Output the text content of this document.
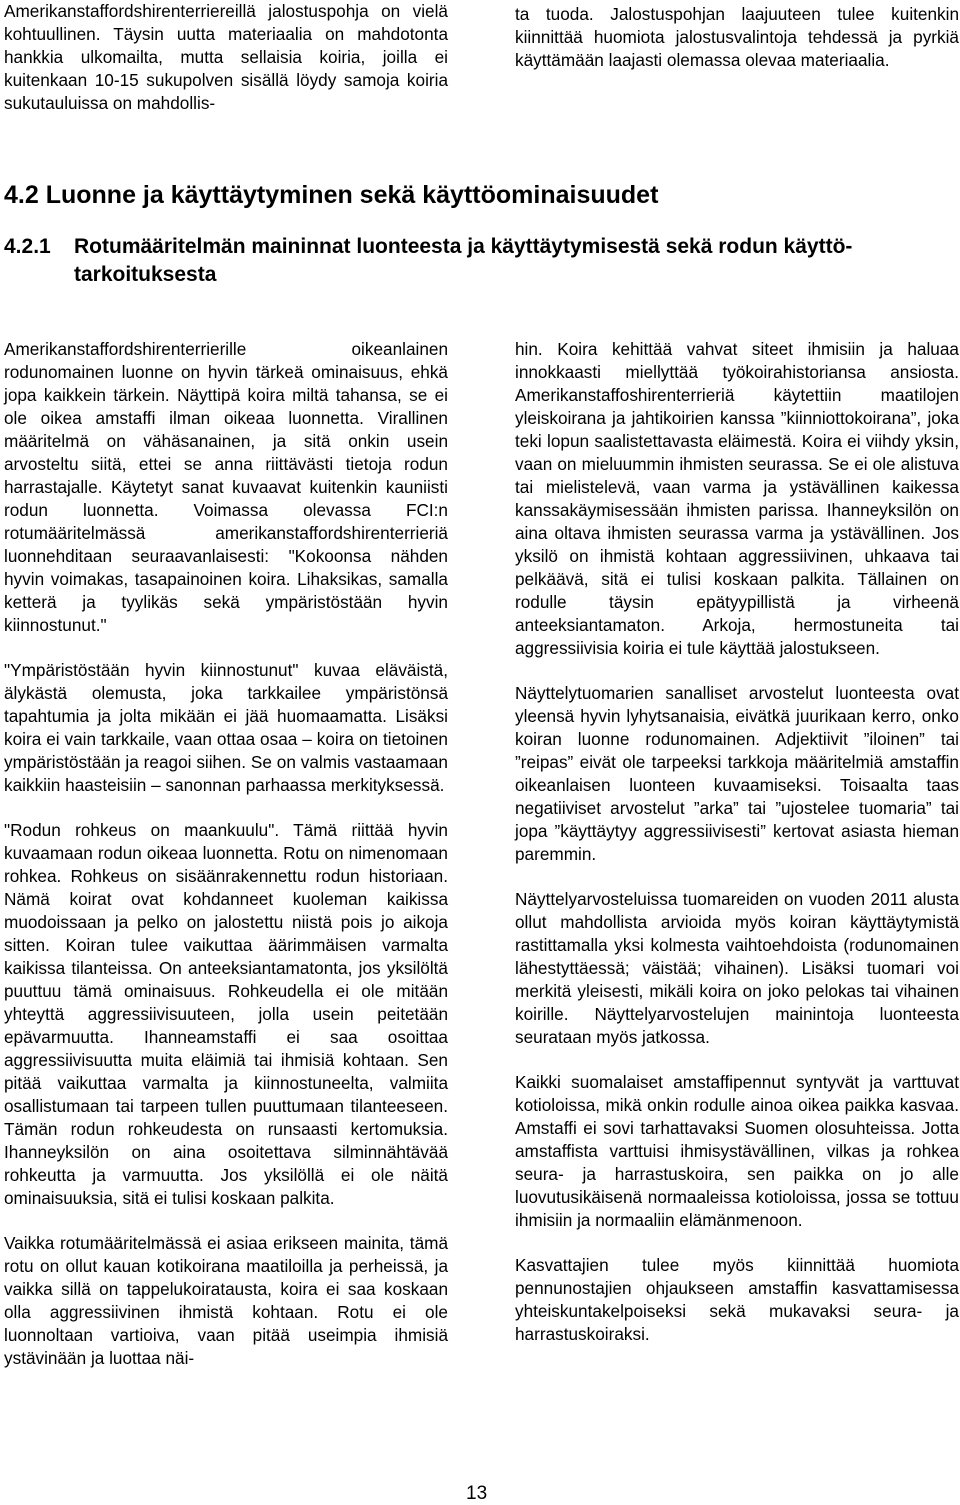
Amerikanstaffordshirenterriereillä jalostuspohja on vielä kohtuullinen. Täysin uutta materiaalia on mahdotonta hankkia ulkomailta, mutta sellaisia koiria, joilla ei kuitenkaan 10-15 sukupolven sisällä löydy samoja koiria sukutauluissa on mahdollis-

ta tuoda. Jalostuspohjan laajuuteen tulee kuitenkin kiinnittää huomiota jalostusvalintoja tehdessä ja pyrkiä käyttämään laajasti olemassa olevaa materiaalia.

4.2 Luonne ja käyttäytyminen sekä käyttöominaisuudet
4.2.1 Rotumääritelmän maininnat luonteesta ja käyttäytymisestä sekä rodun käyttö-
tarkoituksesta

Amerikanstaffordshirenterrierille oikeanlainen rodunomainen luonne on hyvin tärkeä ominaisuus, ehkä jopa kaikkein tärkein. Näyttipä koira miltä tahansa, se ei ole oikea amstaffi ilman oikeaa luonnetta. Virallinen määritelmä on vähäsanainen, ja sitä onkin usein arvosteltu siitä, ettei se anna riittävästi tietoja rodun harrastajalle. Käytetyt sanat kuvaavat kuitenkin kauniisti rodun luonnetta. Voimassa olevassa FCI:n rotumääritelmässä amerikanstaffordshirenterrieriä luonnehditaan seuraavanlaisesti: "Kokoonsa nähden hyvin voimakas, tasapainoinen koira. Lihaksikas, samalla ketterä ja tyylikäs sekä ympäristöstään hyvin kiinnostunut."

"Ympäristöstään hyvin kiinnostunut" kuvaa eläväistä, älykästä olemusta, joka tarkkailee ympäristönsä tapahtumia ja jolta mikään ei jää huomaamatta. Lisäksi koira ei vain tarkkaile, vaan ottaa osaa – koira on tietoinen ympäristöstään ja reagoi siihen. Se on valmis vastaamaan kaikkiin haasteisiin – sanonnan parhaassa merkityksessä.

"Rodun rohkeus on maankuulu". Tämä riittää hyvin kuvaamaan rodun oikeaa luonnetta. Rotu on nimenomaan rohkea. Rohkeus on sisäänrakennettu rodun historiaan. Nämä koirat ovat kohdanneet kuoleman kaikissa muodoissaan ja pelko on jalostettu niistä pois jo aikoja sitten. Koiran tulee vaikuttaa äärimmäisen varmalta kaikissa tilanteissa. On anteeksiantamatonta, jos yksilöltä puuttuu tämä ominaisuus. Rohkeudella ei ole mitään yhteyttä aggressiivisuuteen, jolla usein peitetään epävarmuutta. Ihanneamstaffi ei saa osoittaa aggressiivisuutta muita eläimiä tai ihmisiä kohtaan. Sen pitää vaikuttaa varmalta ja kiinnostuneelta, valmiita osallistumaan tai tarpeen tullen puuttumaan tilanteeseen. Tämän rodun rohkeudesta on runsaasti kertomuksia. Ihanneyksilön on aina osoitettava silminnähtävää rohkeutta ja varmuutta. Jos yksilöllä ei ole näitä ominaisuuksia, sitä ei tulisi koskaan palkita.

Vaikka rotumääritelmässä ei asiaa erikseen mainita, tämä rotu on ollut kauan kotikoirana maatiloilla ja perheissä, ja vaikka sillä on tappelukoiratausta, koira ei saa koskaan olla aggressiivinen ihmistä kohtaan. Rotu ei ole luonnoltaan vartioiva, vaan pitää useimpia ihmisiä ystävinään ja luottaa näi-

hin. Koira kehittää vahvat siteet ihmisiin ja haluaa innokkaasti miellyttää työkoirahistoriansa ansiosta. Amerikanstaffoshirenterrieriä käytettiin maatilojen yleiskoirana ja jahtikoirien kanssa ”kiinniottokoirana”, joka teki lopun saalistettavasta eläimestä. Koira ei viihdy yksin, vaan on mieluummin ihmisten seurassa. Se ei ole alistuva tai mielistelevä, vaan varma ja ystävällinen kaikessa kanssakäymisessään ihmisten parissa. Ihanneyksilön on aina oltava ihmisten seurassa varma ja ystävällinen. Jos yksilö on ihmistä kohtaan aggressiivinen, uhkaava tai pelkäävä, sitä ei tulisi koskaan palkita. Tällainen on rodulle täysin epätyypillistä ja virheenä anteeksiantamaton. Arkoja, hermostuneita tai aggressiivisia koiria ei tule käyttää jalostukseen.

Näyttelytuomarien sanalliset arvostelut luonteesta ovat yleensä hyvin lyhytsanaisia, eivätkä juurikaan kerro, onko koiran luonne rodunomainen. Adjektiivit ”iloinen” tai ”reipas” eivät ole tarpeeksi tarkkoja määritelmiä amstaffin oikeanlaisen luonteen kuvaamiseksi. Toisaalta taas negatiiviset arvostelut ”arka” tai ”ujostelee tuomaria” tai jopa ”käyttäytyy aggressiivisesti” kertovat asiasta hieman paremmin.

Näyttelyarvosteluissa tuomareiden on vuoden 2011 alusta ollut mahdollista arvioida myös koiran käyttäytymistä rastittamalla yksi kolmesta vaihtoehdoista (rodunomainen lähestyttäessä; väistää; vihainen). Lisäksi tuomari voi merkitä ylеisesti, mikäli koira on joko pelokas tai vihainen koirille. Näyttelyarvostelujen mainintoja luonteesta seurataan myös jatkossa.

Kaikki suomalaiset amstaffipennut syntyvät ja varttuvat kotioloissa, mikä onkin rodulle ainoa oikea paikka kasvaa. Amstaffi ei sovi tarhattavaksi Suomen olosuhteissa. Jotta amstaffista varttuisi ihmisystävällinen, vilkas ja rohkea seura- ja harrastuskoira, sen paikka on jo alle luovutusikäisenä normaaleissa kotioloissa, jossa se tottuu ihmisiin ja normaaliin elämänmenoon.

Kasvattajien tulee myös kiinnittää huomiota pennunostajien ohjaukseen amstaffin kasvattamisessa yhteiskuntakelpoiseksi sekä mukavaksi seura- ja harrastuskoiraksi.

13
